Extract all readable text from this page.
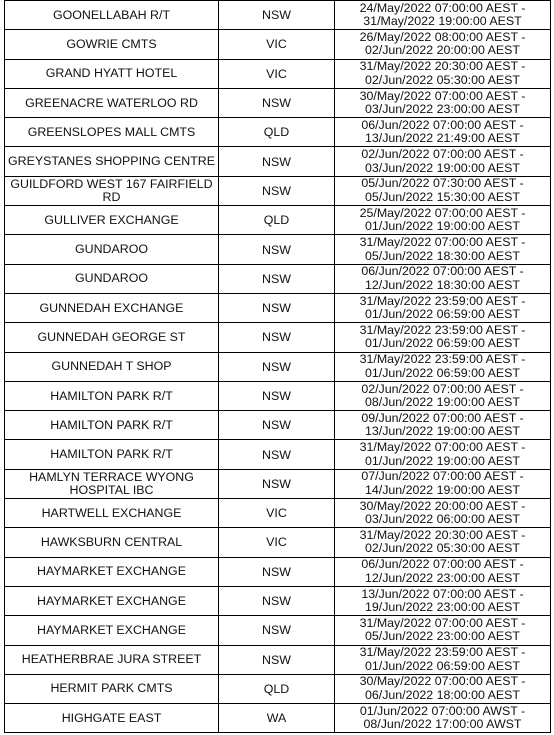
GOONELLABAH R/T	NSW	24/May/2022 07:00:00 AEST -
31/May/2022 19:00:00 AEST

GOWRIE CMTS	VIC	26/May/2022 08:00:00 AEST -
02/Jun/2022 20:00:00 AEST

GRAND HYATT HOTEL	VIC	31/May/2022 20:30:00 AEST -
02/Jun/2022 05:30:00 AEST

GREENACRE WATERLOO RD	NSW	30/May/2022 07:00:00 AEST -
03/Jun/2022 23:00:00 AEST

GREENSLOPES MALL CMTS	QLD	06/Jun/2022 07:00:00 AEST -
13/Jun/2022 21:49:00 AEST

GREYSTANES SHOPPING CENTRE	NSW	02/Jun/2022 07:00:00 AEST -
03/Jun/2022 19:00:00 AEST

GUILDFORD WEST 167 FAIRFIELD RD	NSW	05/Jun/2022 07:30:00 AEST -
05/Jun/2022 15:30:00 AEST

GULLIVER EXCHANGE	QLD	25/May/2022 07:00:00 AEST -
01/Jun/2022 19:00:00 AEST

GUNDAROO	NSW	31/May/2022 07:00:00 AEST -
05/Jun/2022 18:30:00 AEST

GUNDAROO	NSW	06/Jun/2022 07:00:00 AEST -
12/Jun/2022 18:30:00 AEST

GUNNEDAH EXCHANGE	NSW	31/May/2022 23:59:00 AEST -
01/Jun/2022 06:59:00 AEST

GUNNEDAH GEORGE ST	NSW	31/May/2022 23:59:00 AEST -
01/Jun/2022 06:59:00 AEST

GUNNEDAH T SHOP	NSW	31/May/2022 23:59:00 AEST -
01/Jun/2022 06:59:00 AEST

HAMILTON PARK R/T	NSW	02/Jun/2022 07:00:00 AEST -
08/Jun/2022 19:00:00 AEST

HAMILTON PARK R/T	NSW	09/Jun/2022 07:00:00 AEST -
13/Jun/2022 19:00:00 AEST

HAMILTON PARK R/T	NSW	31/May/2022 07:00:00 AEST -
01/Jun/2022 19:00:00 AEST

HAMLYN TERRACE WYONG HOSPITAL IBC	NSW	07/Jun/2022 07:00:00 AEST -
14/Jun/2022 19:00:00 AEST

HARTWELL EXCHANGE	VIC	30/May/2022 20:00:00 AEST -
03/Jun/2022 06:00:00 AEST

HAWKSBURN CENTRAL	VIC	31/May/2022 20:30:00 AEST -
02/Jun/2022 05:30:00 AEST

HAYMARKET EXCHANGE	NSW	06/Jun/2022 07:00:00 AEST -
12/Jun/2022 23:00:00 AEST

HAYMARKET EXCHANGE	NSW	13/Jun/2022 07:00:00 AEST -
19/Jun/2022 23:00:00 AEST

HAYMARKET EXCHANGE	NSW	31/May/2022 07:00:00 AEST -
05/Jun/2022 23:00:00 AEST

HEATHERBRAE JURA STREET	NSW	31/May/2022 23:59:00 AEST -
01/Jun/2022 06:59:00 AEST

HERMIT PARK CMTS	QLD	30/May/2022 07:00:00 AEST -
06/Jun/2022 18:00:00 AEST

HIGHGATE EAST	WA	01/Jun/2022 07:00:00 AWST -
08/Jun/2022 17:00:00 AWST
